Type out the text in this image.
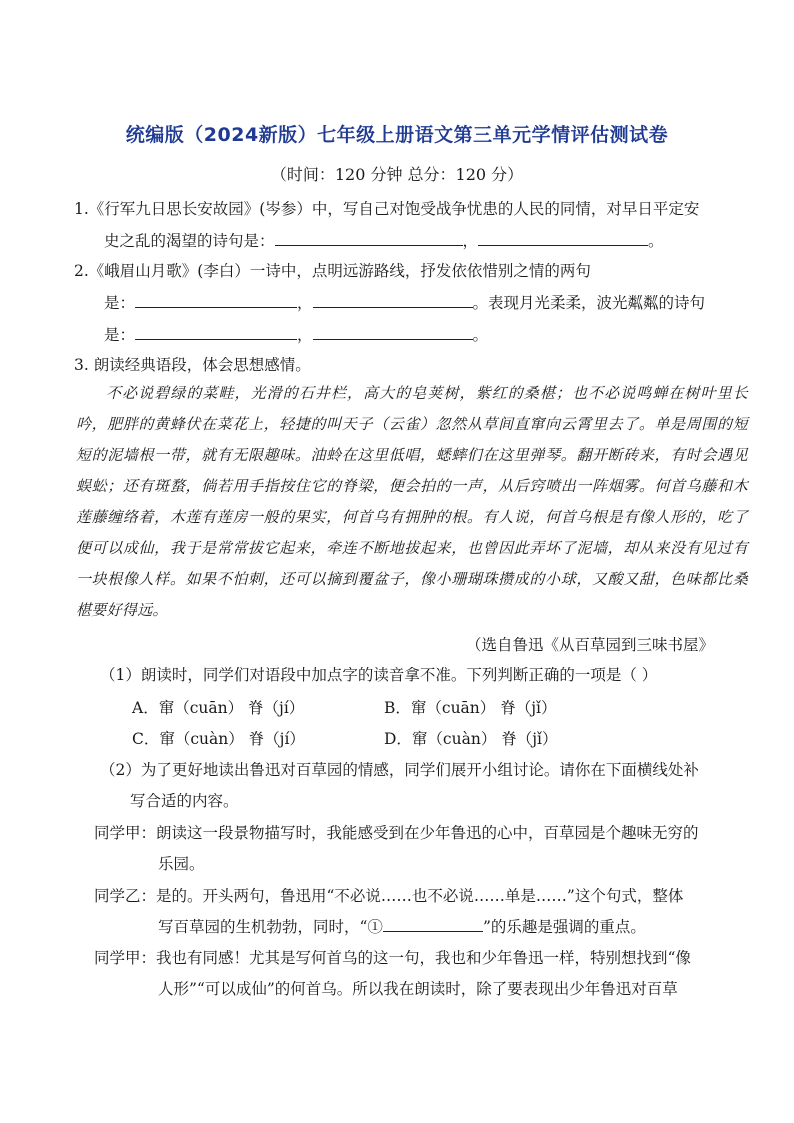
统编版（2024新版）七年级上册语文第三单元学情评估测试卷
（时间：120 分钟 总分：120 分）
1.《行军九日思长安故园》(岑参）中，写自己对饱受战争忧患的人民的同情，对早日平定安
史之乱的渴望的诗句是：	，	。
2.《峨眉山月歌》(李白）一诗中，点明远游路线，抒发依依惜别之情的两句
是：	，	。表现月光柔柔，波光粼粼的诗句
是：	，	。
3. 朗读经典语段，体会思想感情。

不必说碧绿的菜畦，光滑的石井栏，高大的皂荚树，紫红的桑椹；也不必说鸣蝉在树叶里长吟，肥胖的黄蜂伏在菜花上，轻捷的叫天子（云雀）忽然从草间直窜向云霄里去了。单是周围的短短的泥墙根一带，就有无限趣味。油蛉在这里低唱，蟋蟀们在这里弹琴。翻开断砖来，有时会遇见蜈蚣；还有斑蝥，倘若用手指按住它的脊梁，便会拍的一声，从后窍喷出一阵烟雾。何首乌藤和木莲藤缠络着，木莲有莲房一般的果实，何首乌有拥肿的根。有人说，何首乌根是有像人形的，吃了便可以成仙，我于是常常拔它起来，牵连不断地拔起来，也曾因此弄坏了泥墙，却从来没有见过有一块根像人样。如果不怕刺，还可以摘到覆盆子，像小珊瑚珠攒成的小球，又酸又甜，色味都比桑椹要好得远。

（选自鲁迅《从百草园到三味书屋》
（1）朗读时，同学们对语段中加点字的读音拿不准。下列判断正确的一项是（ ）
A．窜（cuān） 脊（jí）	B．窜（cuān） 脊（jǐ）
C．窜（cuàn） 脊（jí）	D．窜（cuàn） 脊（jǐ）
（2）为了更好地读出鲁迅对百草园的情感，同学们展开小组讨论。请你在下面横线处补
写合适的内容。
同学甲：朗读这一段景物描写时，我能感受到在少年鲁迅的心中，百草园是个趣味无穷的
乐园。
同学乙：是的。开头两句，鲁迅用“不必说……也不必说……单是……”这个句式，整体
写百草园的生机勃勃，同时，“①	”的乐趣是强调的重点。
同学甲：我也有同感！尤其是写何首乌的这一句，我也和少年鲁迅一样，特别想找到“像
人形”“可以成仙”的何首乌。所以我在朗读时，除了要表现出少年鲁迅对百草
